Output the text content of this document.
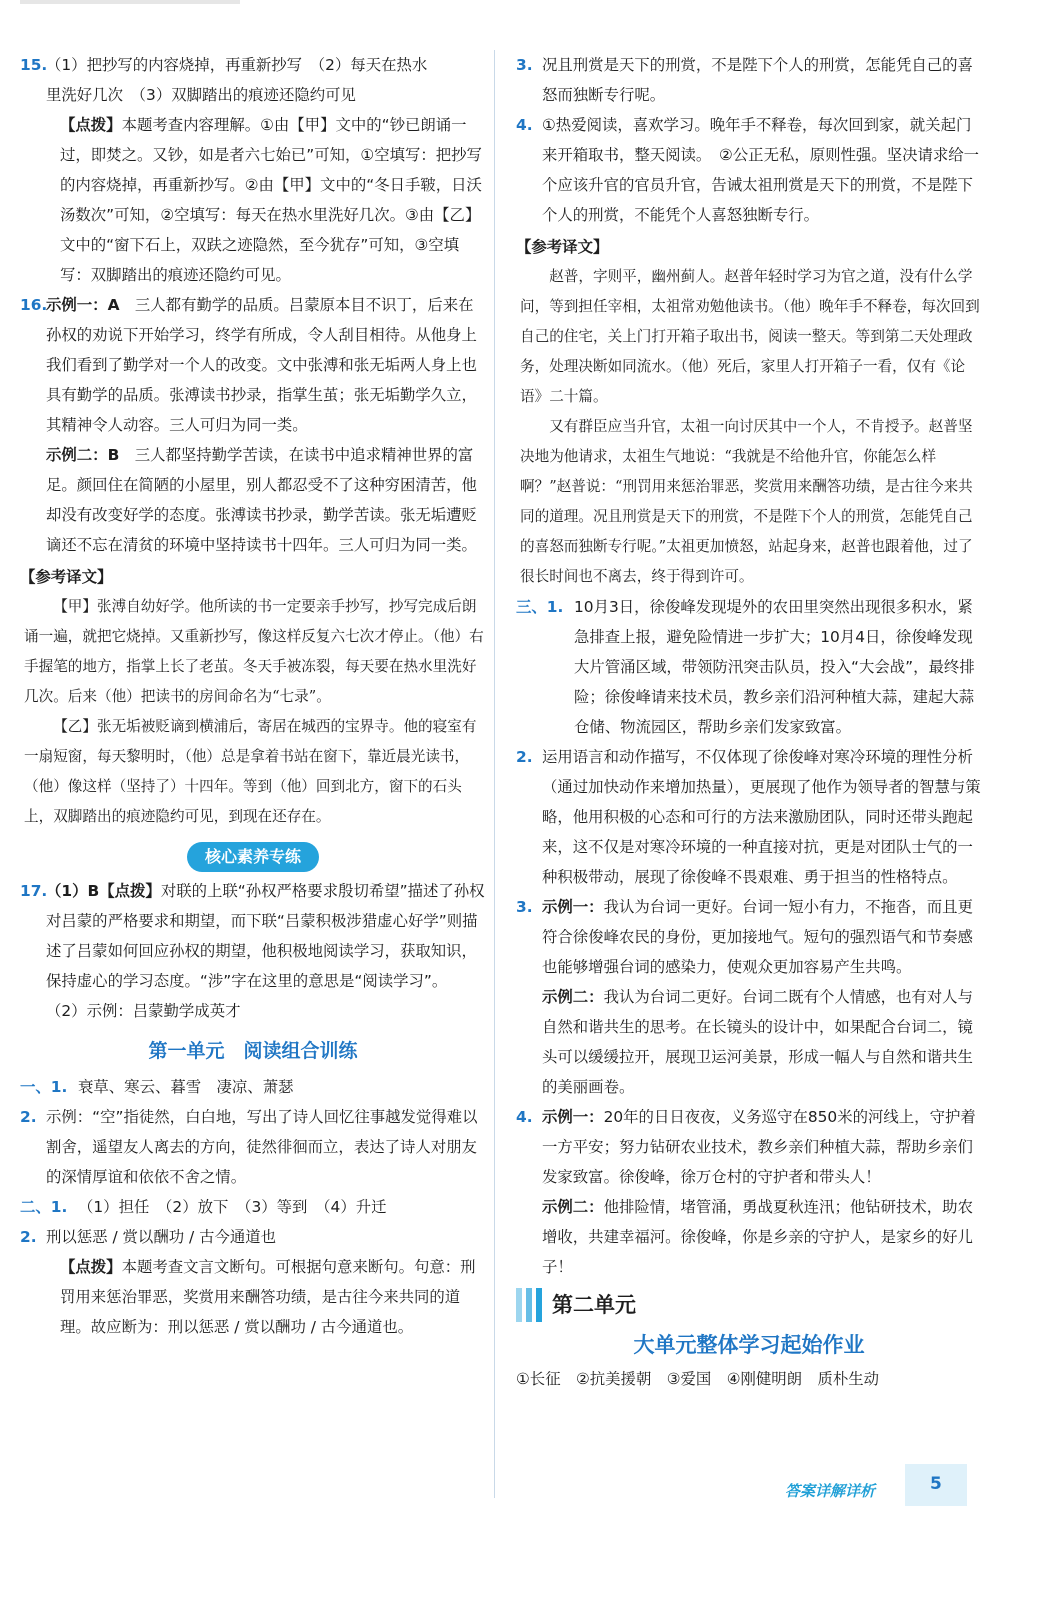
15.
（1）把抄写的内容烧掉，再重新抄写　（2）每天在热水
里洗好几次　（3）双脚踏出的痕迹还隐约可见
【点拨】本题考查内容理解。①由【甲】文中的“钞已朗诵一过，即焚之。又钞，如是者六七始已”可知，①空填写：把抄写的内容烧掉，再重新抄写。②由【甲】文中的“冬日手皲，日沃汤数次”可知，②空填写：每天在热水里洗好几次。③由【乙】文中的“窗下石上，双趺之迹隐然，至今犹存”可知，③空填写：双脚踏出的痕迹还隐约可见。
16.
示例一：A　 三人都有勤学的品质。吕蒙原本目不识丁，后来在孙权的劝说下开始学习，终学有所成，令人刮目相待。从他身上我们看到了勤学对一个人的改变。文中张溥和张无垢两人身上也具有勤学的品质。张溥读书抄录，指掌生茧；张无垢勤学久立，其精神令人动容。三人可归为同一类。
示例二：B　 三人都坚持勤学苦读，在读书中追求精神世界的富足。颜回住在简陋的小屋里，别人都忍受不了这种穷困清苦，他却没有改变好学的态度。张溥读书抄录，勤学苦读。张无垢遭贬谪还不忘在清贫的环境中坚持读书十四年。三人可归为同一类。
【参考译文】

【甲】张溥自幼好学。他所读的书一定要亲手抄写，抄写完成后朗诵一遍，就把它烧掉。又重新抄写，像这样反复六七次才停止。（他）右手握笔的地方，指掌上长了老茧。冬天手被冻裂，每天要在热水里洗好几次。后来（他）把读书的房间命名为“七录”。

【乙】张无垢被贬谪到横浦后，寄居在城西的宝界寺。他的寝室有一扇短窗，每天黎明时，（他）总是拿着书站在窗下，靠近晨光读书，（他）像这样（坚持了）十四年。等到（他）回到北方，窗下的石头上，双脚踏出的痕迹隐约可见，到现在还存在。

核心素养专练
17.
（1）B【点拨】对联的上联“孙权严格要求殷切希望”描述了孙权对吕蒙的严格要求和期望，而下联“吕蒙积极涉猎虚心好学”则描述了吕蒙如何回应孙权的期望，他积极地阅读学习，获取知识，保持虚心的学习态度。“涉”字在这里的意思是“阅读学习”。
（2）示例：吕蒙勤学成英才
第一单元　阅读组合训练
一、1. 衰草、寒云、暮雪　凄凉、萧瑟
2. 示例：“空”指徒然，白白地，写出了诗人回忆往事越发觉得难以割舍，遥望友人离去的方向，徒然徘徊而立，表达了诗人对朋友的深情厚谊和依依不舍之情。
二、1. （1）担任　（2）放下　（3）等到　（4）升迁
2. 刑以惩恶 / 赏以酬功 / 古今通道也
【点拨】本题考查文言文断句。可根据句意来断句。句意：刑罚用来惩治罪恶，奖赏用来酬答功绩，是古往今来共同的道理。故应断为：刑以惩恶 / 赏以酬功 / 古今通道也。
3. 况且刑赏是天下的刑赏，不是陛下个人的刑赏，怎能凭自己的喜怒而独断专行呢。
4. ①热爱阅读，喜欢学习。晚年手不释卷，每次回到家，就关起门来开箱取书，整天阅读。　②公正无私，原则性强。坚决请求给一个应该升官的官员升官，告诫太祖刑赏是天下的刑赏，不是陛下个人的刑赏，不能凭个人喜怒独断专行。
【参考译文】

赵普，字则平，幽州蓟人。赵普年轻时学习为官之道，没有什么学问，等到担任宰相，太祖常劝勉他读书。（他）晚年手不释卷，每次回到自己的住宅，关上门打开箱子取出书，阅读一整天。等到第二天处理政务，处理决断如同流水。（他）死后，家里人打开箱子一看，仅有《论语》二十篇。

又有群臣应当升官，太祖一向讨厌其中一个人，不肯授予。赵普坚决地为他请求，太祖生气地说：“我就是不给他升官，你能怎么样啊？”赵普说：“刑罚用来惩治罪恶，奖赏用来酬答功绩，是古往今来共同的道理。况且刑赏是天下的刑赏，不是陛下个人的刑赏，怎能凭自己的喜怒而独断专行呢。”太祖更加愤怒，站起身来，赵普也跟着他，过了很长时间也不离去，终于得到许可。

三、1. 10月3日，徐俊峰发现堤外的农田里突然出现很多积水，紧急排查上报，避免险情进一步扩大；10月4日，徐俊峰发现大片管涌区域，带领防汛突击队员，投入“大会战”，最终排险；徐俊峰请来技术员，教乡亲们沿河种植大蒜，建起大蒜仓储、物流园区，帮助乡亲们发家致富。
2. 运用语言和动作描写，不仅体现了徐俊峰对寒冷环境的理性分析（通过加快动作来增加热量），更展现了他作为领导者的智慧与策略，他用积极的心态和可行的方法来激励团队，同时还带头跑起来，这不仅是对寒冷环境的一种直接对抗，更是对团队士气的一种积极带动，展现了徐俊峰不畏艰难、勇于担当的性格特点。
3. 示例一：我认为台词一更好。台词一短小有力，不拖沓，而且更符合徐俊峰农民的身份，更加接地气。短句的强烈语气和节奏感也能够增强台词的感染力，使观众更加容易产生共鸣。
示例二：我认为台词二更好。台词二既有个人情感，也有对人与自然和谐共生的思考。在长镜头的设计中，如果配合台词二，镜头可以缓缓拉开，展现卫运河美景，形成一幅人与自然和谐共生的美丽画卷。
4. 示例一：20年的日日夜夜，义务巡守在850米的河线上，守护着一方平安；努力钻研农业技术，教乡亲们种植大蒜，帮助乡亲们发家致富。徐俊峰，徐万仓村的守护者和带头人！
示例二：他排险情，堵管涌，勇战夏秋连汛；他钻研技术，助农增收，共建幸福河。徐俊峰，你是乡亲的守护人，是家乡的好儿子！
第二单元
大单元整体学习起始作业
①长征　②抗美援朝　③爱国　④刚健明朗　质朴生动
答案详解详析	5
